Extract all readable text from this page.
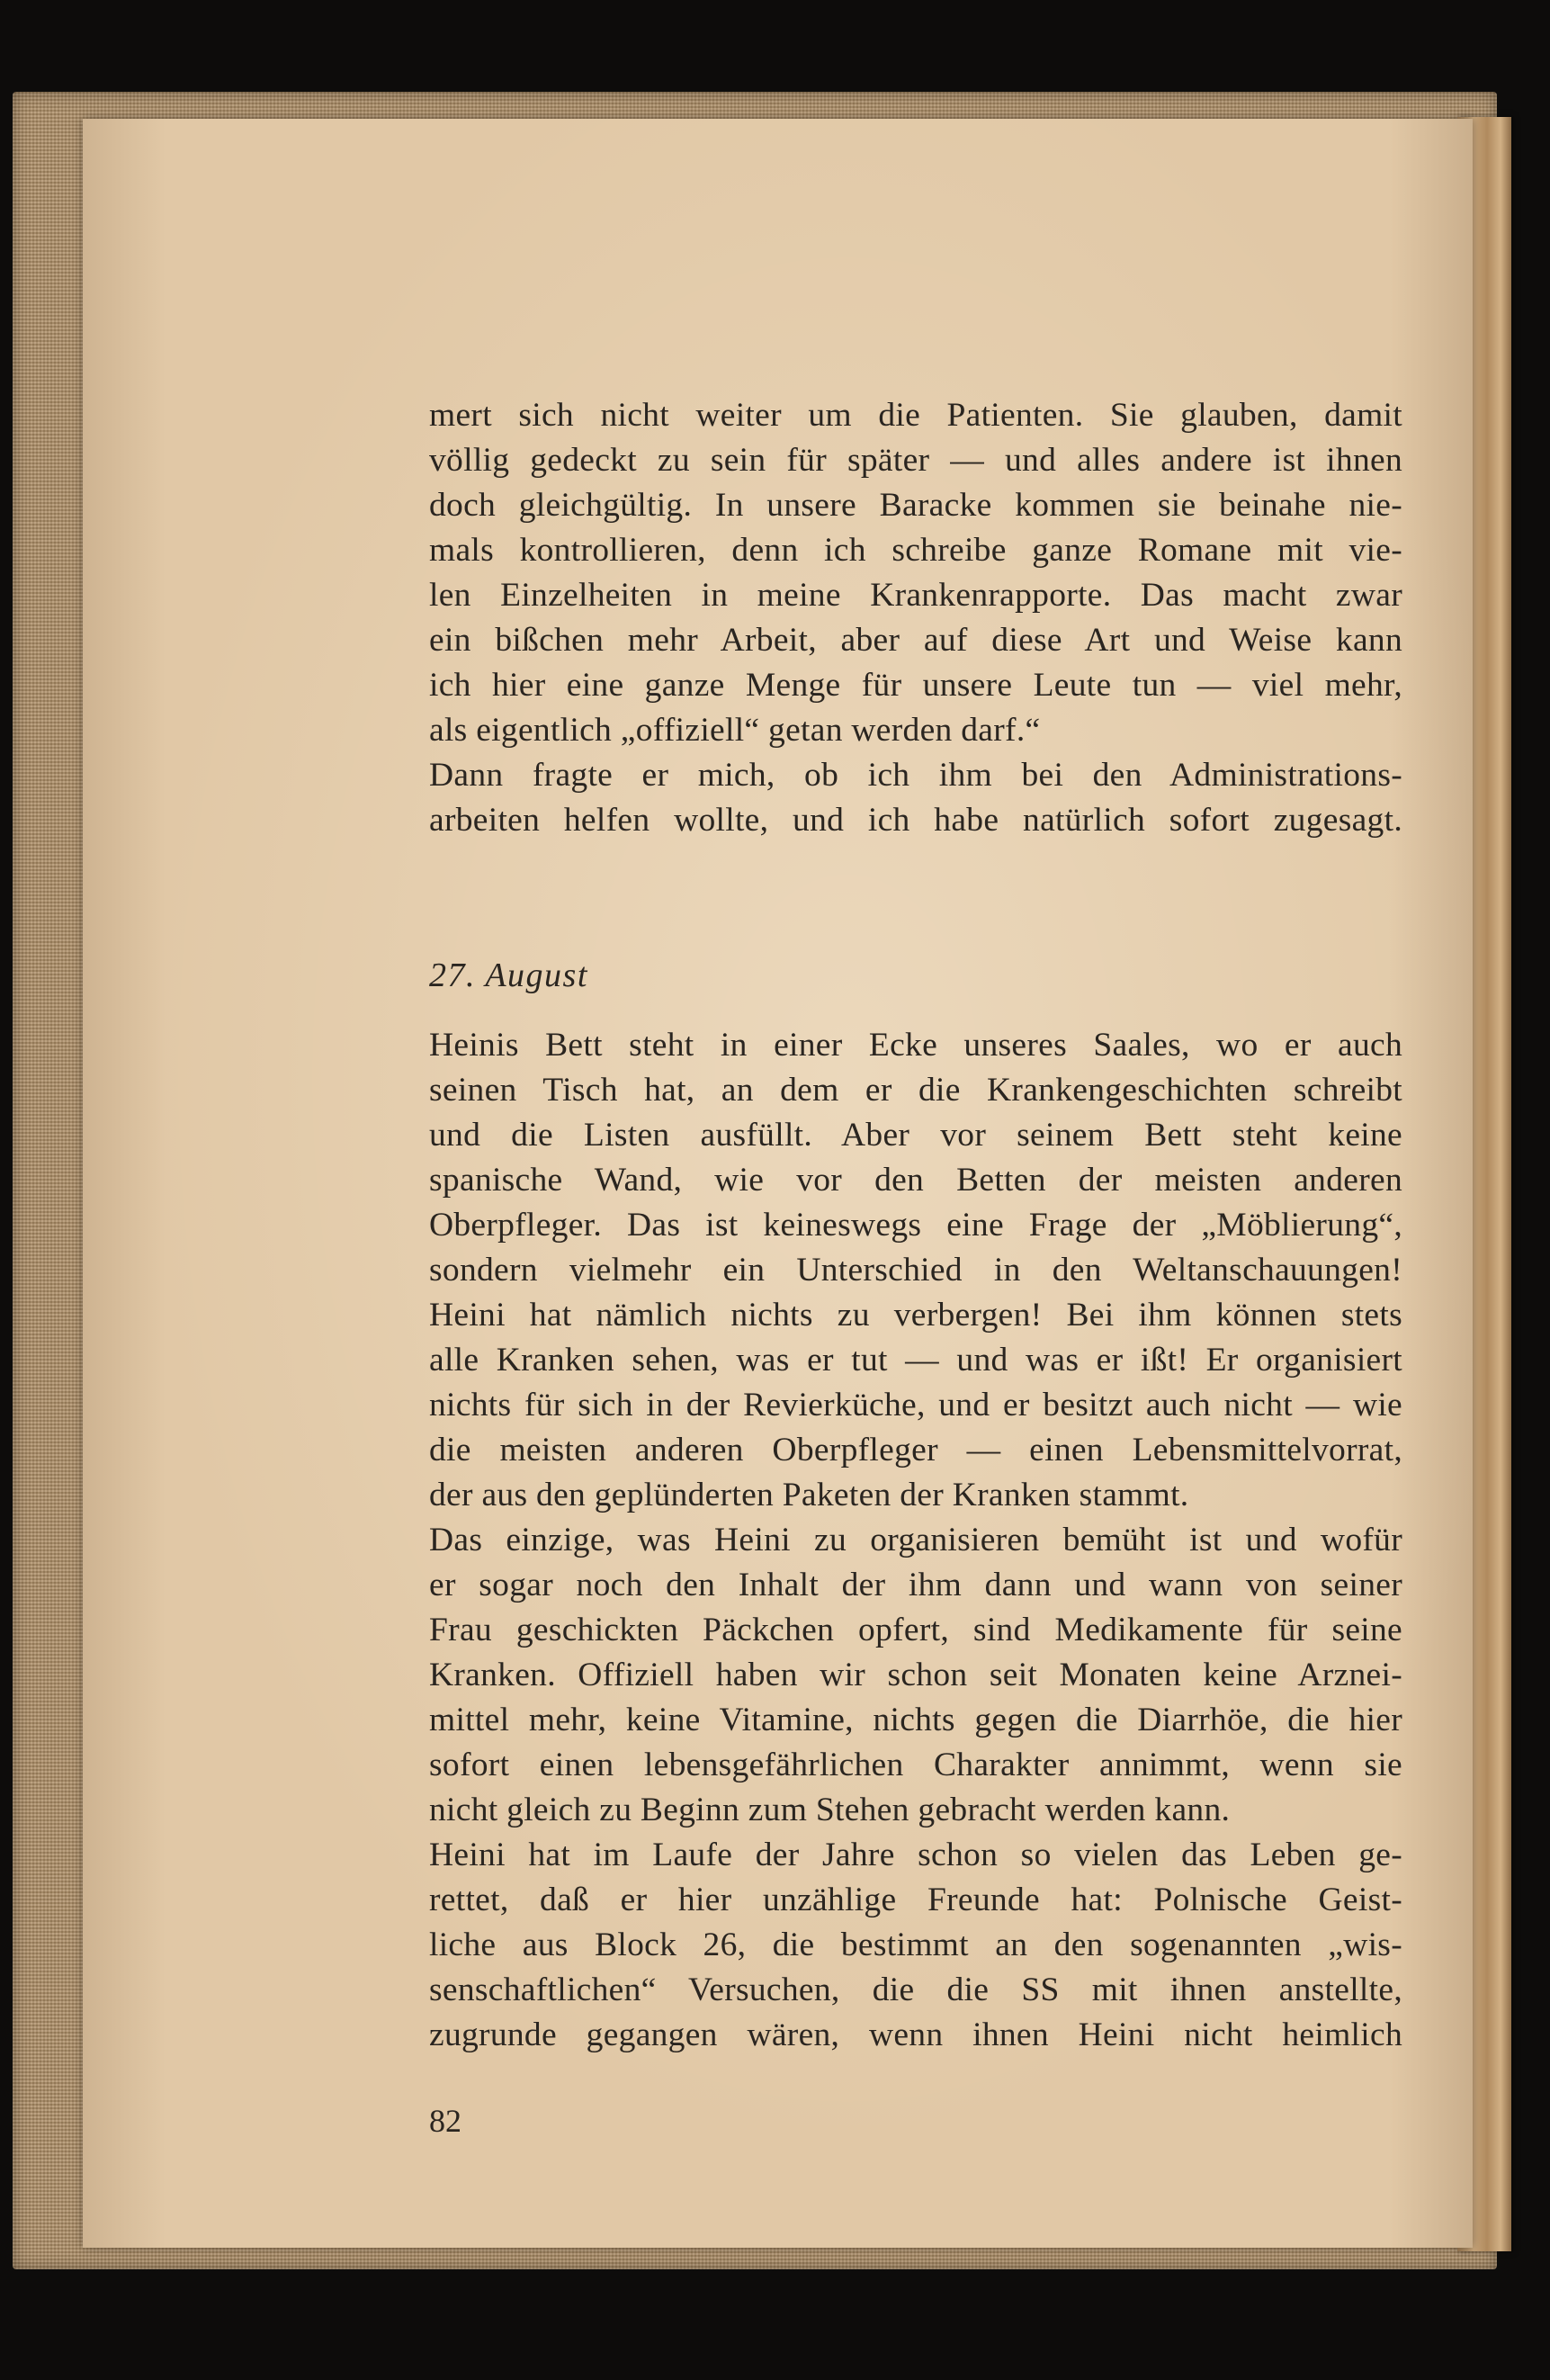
mert sich nicht weiter um die Patienten. Sie glauben, damit
völlig gedeckt zu sein für später — und alles andere ist ihnen
doch gleichgültig. In unsere Baracke kommen sie beinahe nie-
mals kontrollieren, denn ich schreibe ganze Romane mit vie-
len Einzelheiten in meine Krankenrapporte. Das macht zwar
ein bißchen mehr Arbeit, aber auf diese Art und Weise kann
ich hier eine ganze Menge für unsere Leute tun — viel mehr,
als eigentlich „offiziell“ getan werden darf.“
Dann fragte er mich, ob ich ihm bei den Administrations-
arbeiten helfen wollte, und ich habe natürlich sofort zugesagt.
27. August
Heinis Bett steht in einer Ecke unseres Saales, wo er auch
seinen Tisch hat, an dem er die Krankengeschichten schreibt
und die Listen ausfüllt. Aber vor seinem Bett steht keine
spanische Wand, wie vor den Betten der meisten anderen
Oberpfleger. Das ist keineswegs eine Frage der „Möblierung“,
sondern vielmehr ein Unterschied in den Weltanschauungen!
Heini hat nämlich nichts zu verbergen! Bei ihm können stets
alle Kranken sehen, was er tut — und was er ißt! Er organisiert
nichts für sich in der Revierküche, und er besitzt auch nicht — wie
die meisten anderen Oberpfleger — einen Lebensmittelvorrat,
der aus den geplünderten Paketen der Kranken stammt.
Das einzige, was Heini zu organisieren bemüht ist und wofür
er sogar noch den Inhalt der ihm dann und wann von seiner
Frau geschickten Päckchen opfert, sind Medikamente für seine
Kranken. Offiziell haben wir schon seit Monaten keine Arznei-
mittel mehr, keine Vitamine, nichts gegen die Diarrhöe, die hier
sofort einen lebensgefährlichen Charakter annimmt, wenn sie
nicht gleich zu Beginn zum Stehen gebracht werden kann.
Heini hat im Laufe der Jahre schon so vielen das Leben ge-
rettet, daß er hier unzählige Freunde hat: Polnische Geist-
liche aus Block 26, die bestimmt an den sogenannten „wis-
senschaftlichen“ Versuchen, die die SS mit ihnen anstellte,
zugrunde gegangen wären, wenn ihnen Heini nicht heimlich
82
